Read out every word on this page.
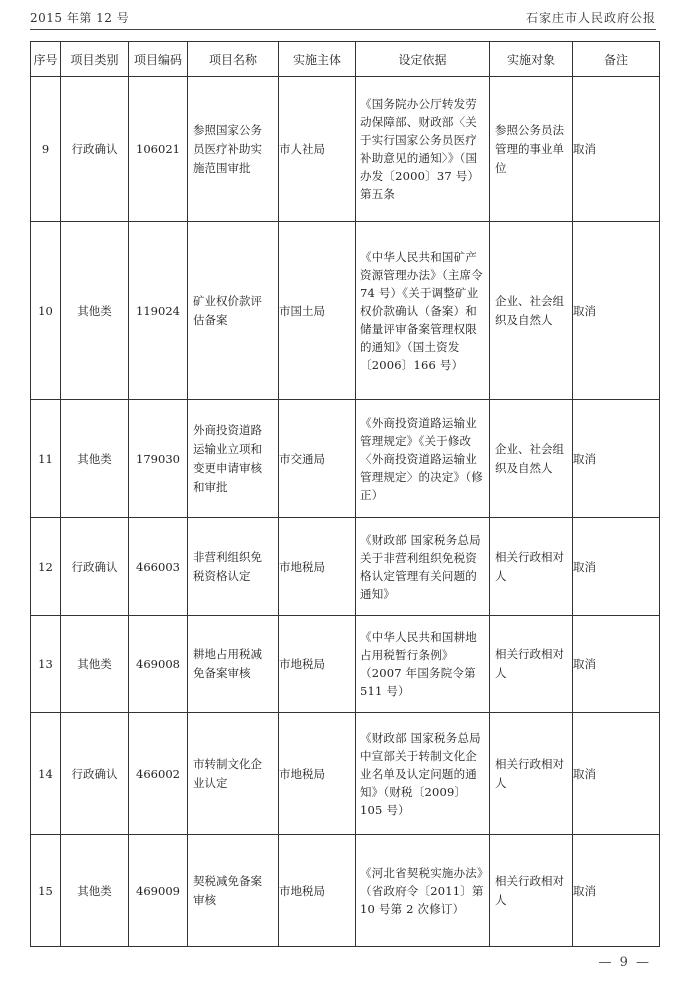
2015 年第 12 号	石家庄市人民政府公报
序号	项目类别	项目编码	项目名称	实施主体	设定依据	实施对象	备注
9	行政确认	106021	参照国家公务员医疗补助实施范围审批	市人社局	《国务院办公厅转发劳动保障部、财政部〈关于实行国家公务员医疗补助意见的通知〉》（国办发〔2000〕37 号）第五条	参照公务员法管理的事业单位	取消
10	其他类	119024	矿业权价款评估备案	市国土局	《中华人民共和国矿产资源管理办法》（主席令 74 号）《关于调整矿业权价款确认（备案）和储量评审备案管理权限的通知》（国土资发〔2006〕166 号）	企业、社会组织及自然人	取消
11	其他类	179030	外商投资道路运输业立项和变更申请审核和审批	市交通局	《外商投资道路运输业管理规定》《关于修改〈外商投资道路运输业管理规定〉的决定》（修正）	企业、社会组织及自然人	取消
12	行政确认	466003	非营利组织免税资格认定	市地税局	《财政部 国家税务总局关于非营利组织免税资格认定管理有关问题的通知》	相关行政相对人	取消
13	其他类	469008	耕地占用税减免备案审核	市地税局	《中华人民共和国耕地占用税暂行条例》（2007 年国务院令第 511 号）	相关行政相对人	取消
14	行政确认	466002	市转制文化企业认定	市地税局	《财政部 国家税务总局 中宣部关于转制文化企业名单及认定问题的通知》（财税〔2009〕105 号）	相关行政相对人	取消
15	其他类	469009	契税减免备案审核	市地税局	《河北省契税实施办法》（省政府令〔2011〕第 10 号第 2 次修订）	相关行政相对人	取消
— 9 —
